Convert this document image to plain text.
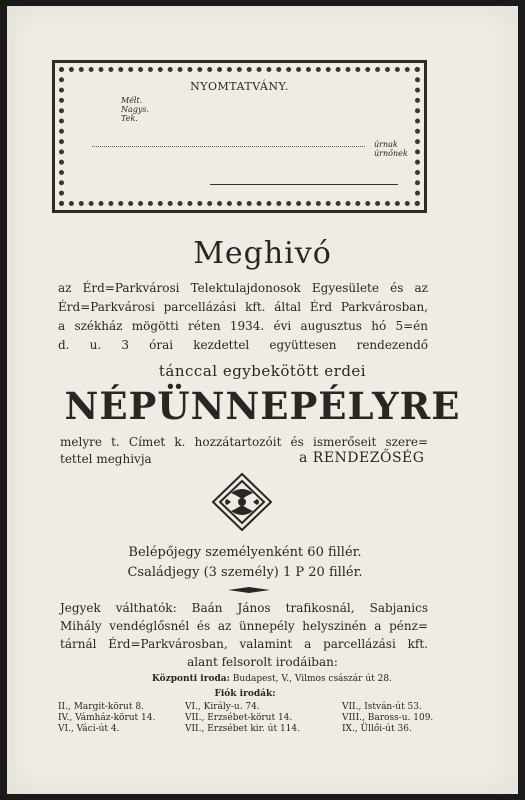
NYOMTATVÁNY.
Mélt.
Nagys.
Tek.
úrnak
úrnőnek
Meghivó
az Érd=Parkvárosi Telektulajdonosok Egyesülete és az
Érd=Parkvárosi parcellázási kft. által Érd Parkvárosban,
a székház mögötti réten 1934. évi augusztus hó 5=én
d. u. 3 órai kezdettel együttesen rendezendő
tánccal egybekötött erdei
NÉPÜNNEPÉLYRE
melyre t. Címet k. hozzátartozóit és ismerőseit szere=
tettel meghivja	a RENDEZŐSÉG
Belépőjegy személyenként 60 fillér.
Családjegy (3 személy) 1 P 20 fillér.
Jegyek válthatók: Baán János trafikosnál, Sabjanics
Mihály vendéglősnél és az ünnepély helyszinén a pénz=
tárnál Érd=Parkvárosban, valamint a parcellázási kft.
alant felsorolt irodáiban:
Központi iroda: Budapest, V., Vilmos császár út 28.
Fiók irodák:
II., Margit-körut 8.
IV., Vámház-körut 14.
VI., Váci-út 4.
VI., Király-u. 74.
VII., Erzsébet-körut 14.
VII., Erzsébet kir. út 114.
VII., István-út 53.
VIII., Baross-u. 109.
IX., Üllői-út 36.
